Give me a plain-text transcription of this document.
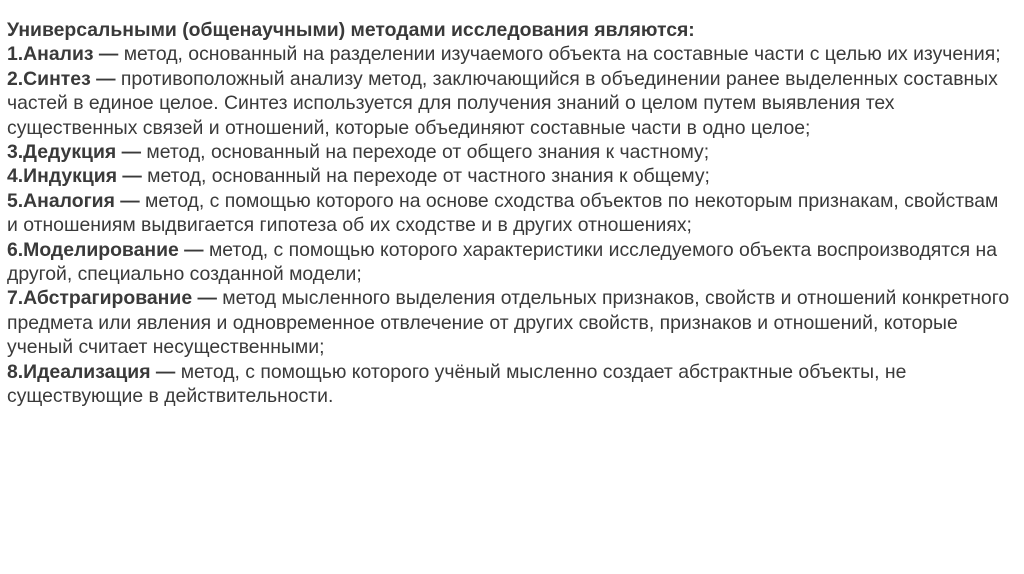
Универсальными (общенаучными) методами исследования являются:

1.Анализ — метод, основанный на разделении изучаемого объекта на составные части с целью их изучения;

2.Синтез — противоположный анализу метод, заключающийся в объединении ранее выделенных составных частей в единое целое. Синтез используется для получения знаний о целом путем выявления тех существенных связей и отношений, которые объединяют составные части в одно целое;

3.Дедукция — метод, основанный на переходе от общего знания к частному;

4.Индукция — метод, основанный на переходе от частного знания к общему;

5.Аналогия — метод, с помощью которого на основе сходства объектов по некоторым признакам, свойствам и отношениям выдвигается гипотеза об их сходстве и в других отношениях;

6.Моделирование — метод, с помощью которого характеристики исследуемого объекта воспроизводятся на другой, специально созданной модели;

7.Абстрагирование — метод мысленного выделения отдельных признаков, свойств и отношений конкретного предмета или явления и одновременное отвлечение от других свойств, признаков и отношений, которые ученый считает несущественными;

8.Идеализация — метод, с помощью которого учёный мысленно создает абстрактные объекты, не существующие в действительности.
